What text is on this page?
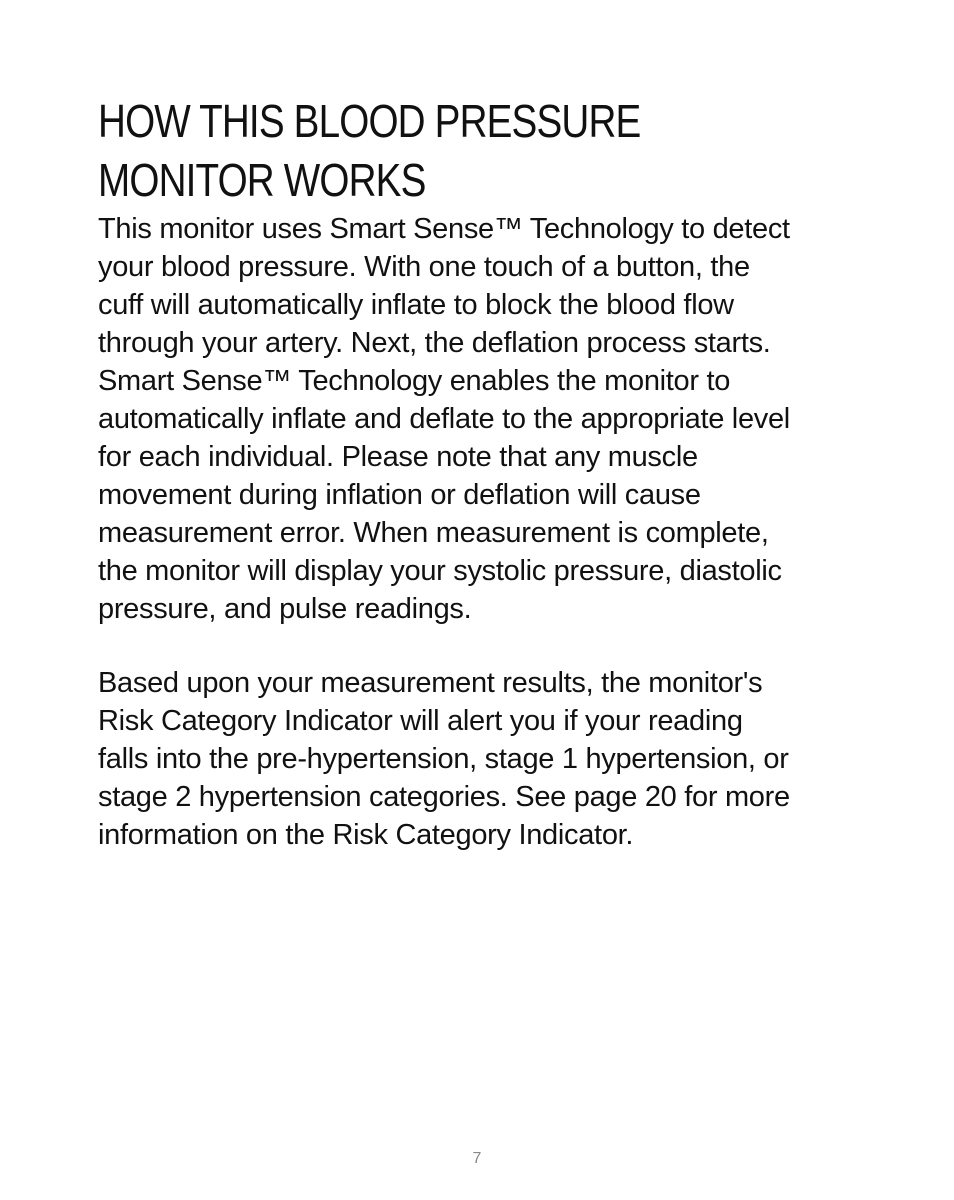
HOW THIS BLOOD PRESSURE
MONITOR WORKS

This monitor uses Smart Sense™ Technology to detect
your blood pressure. With one touch of a button, the
cuff will automatically inflate to block the blood flow
through your artery. Next, the deflation process starts.
Smart Sense™ Technology enables the monitor to
automatically inflate and deflate to the appropriate level
for each individual. Please note that any muscle
movement during inflation or deflation will cause
measurement error. When measurement is complete,
the monitor will display your systolic pressure, diastolic
pressure, and pulse readings.

Based upon your measurement results, the monitor's
Risk Category Indicator will alert you if your reading
falls into the pre-hypertension, stage 1 hypertension, or
stage 2 hypertension categories. See page 20 for more
information on the Risk Category Indicator.

7
